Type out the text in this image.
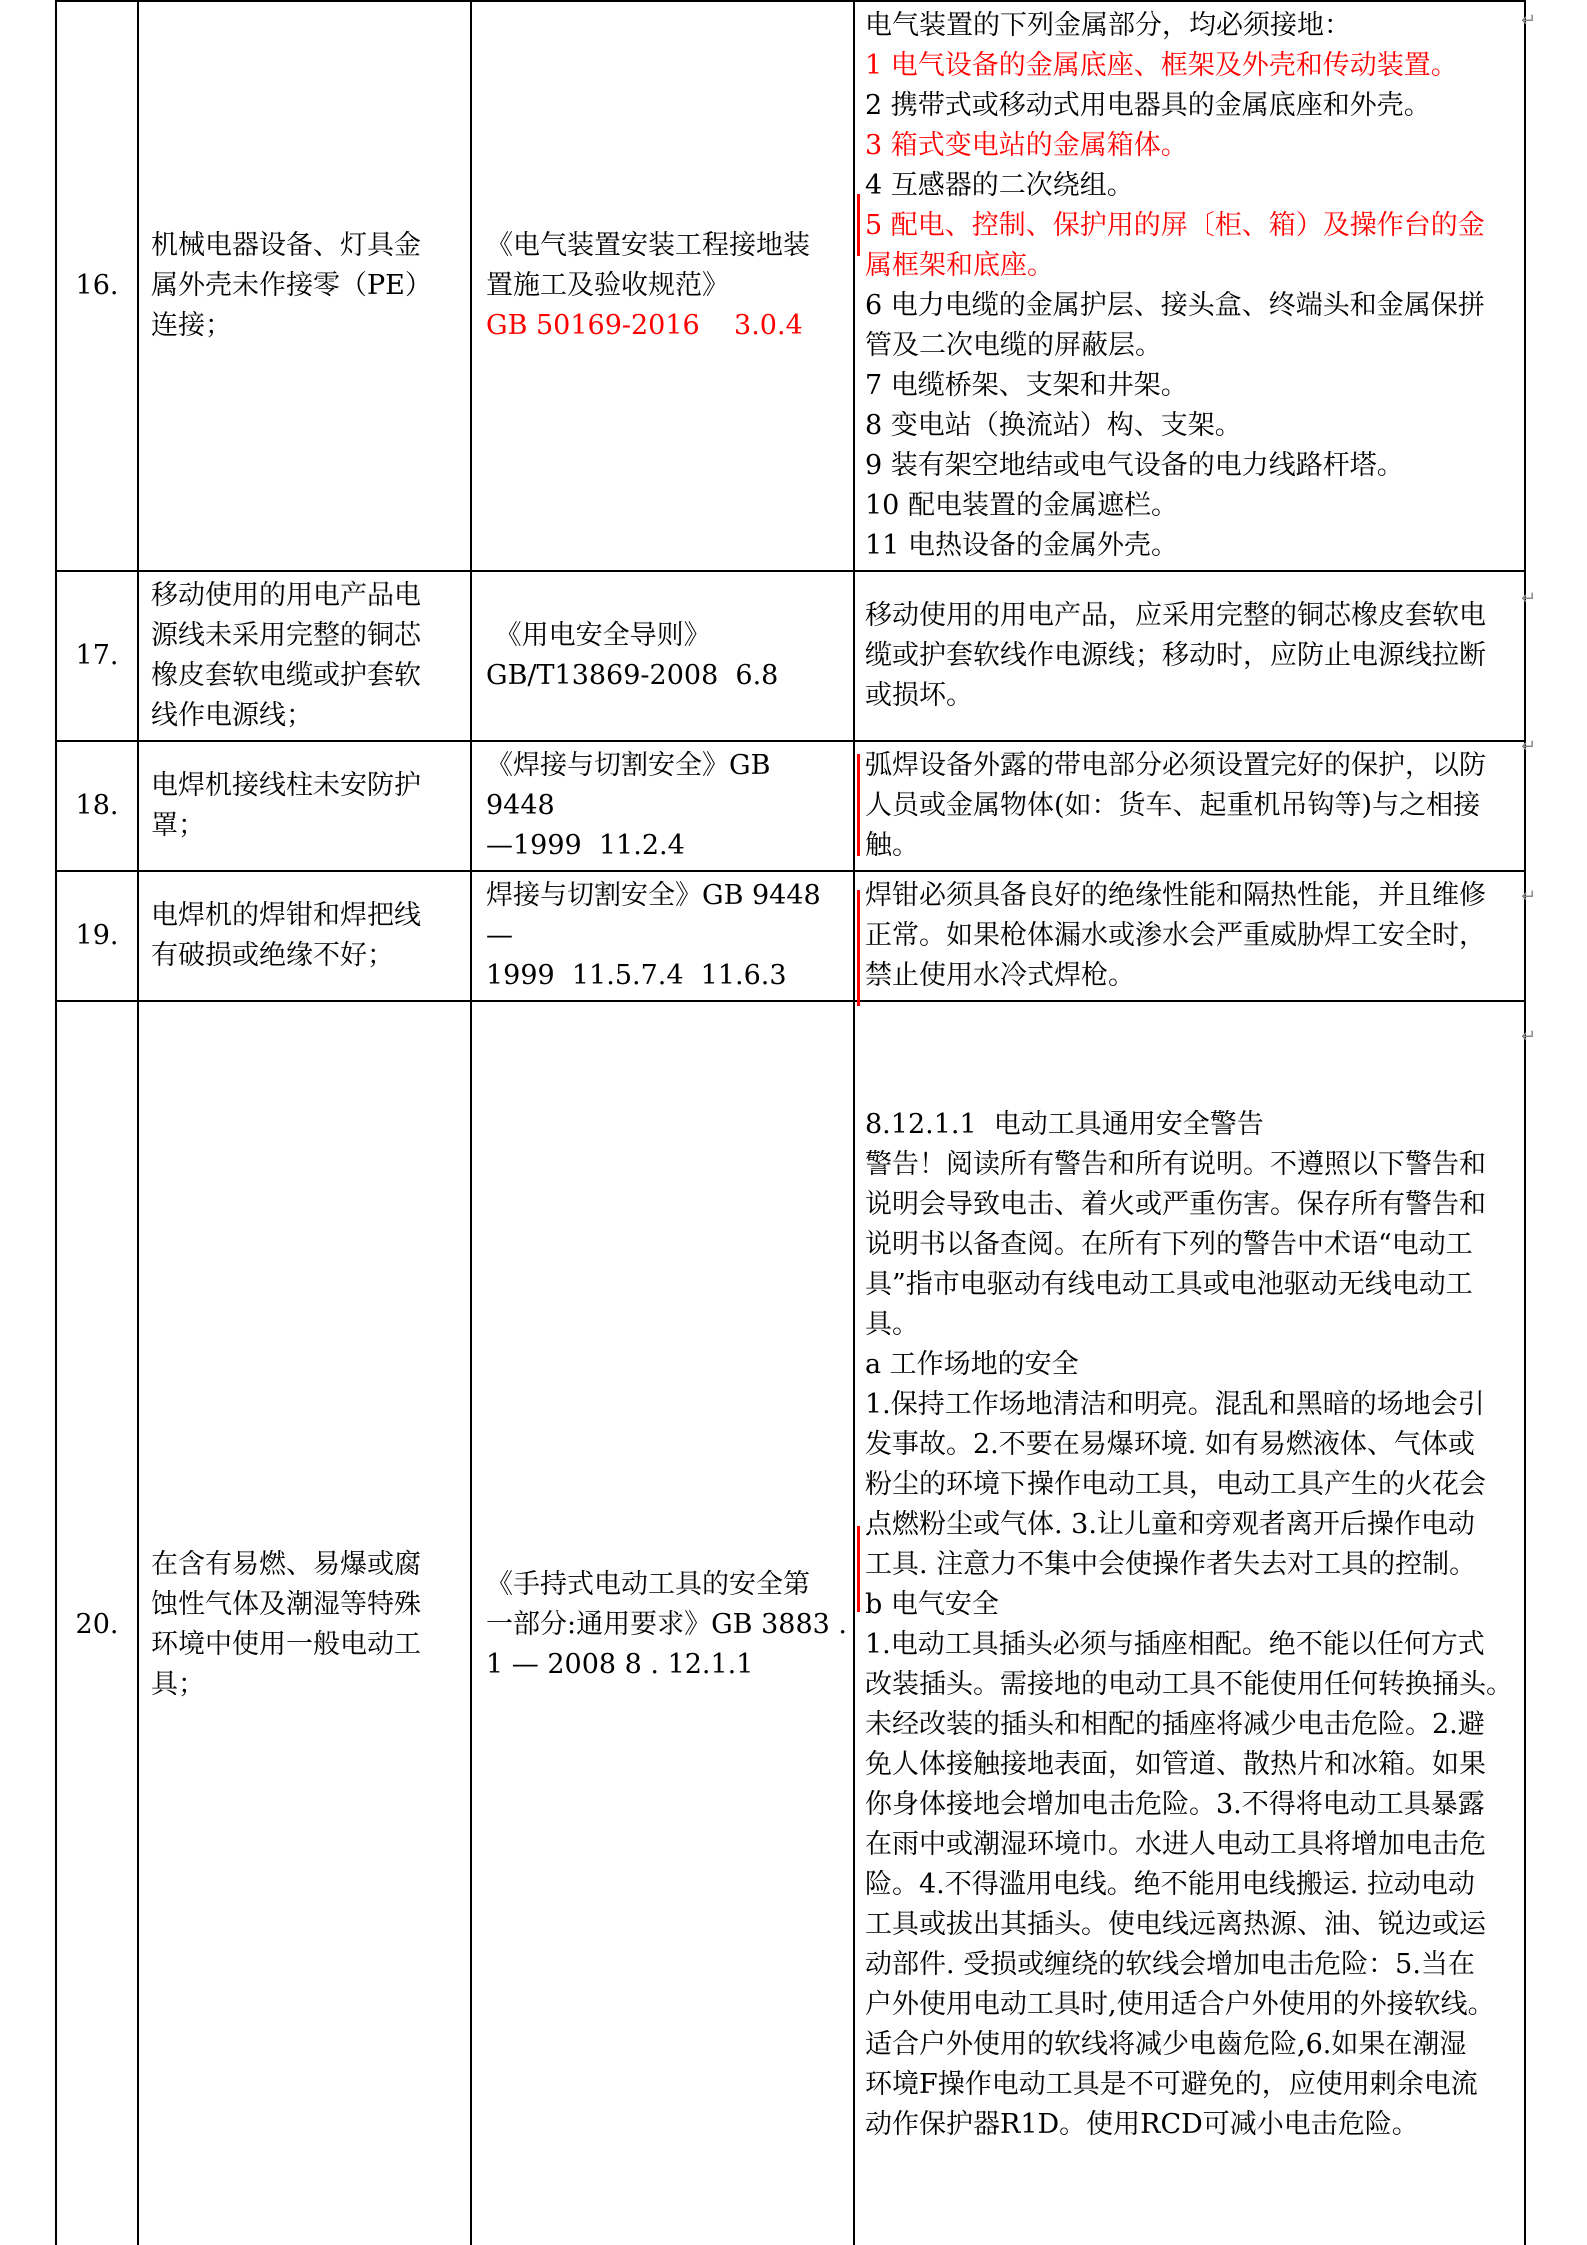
16.	机械电器设备、灯具金
属外壳未作接零（PE）
连接；	《电气装置安装工程接地装
置施工及验收规范》
GB 50169-2016    3.0.4	电气装置的下列金属部分，均必须接地：
1 电气设备的金属底座、框架及外壳和传动装置。
2 携带式或移动式用电器具的金属底座和外壳。
3 箱式变电站的金属箱体。
4 互感器的二次绕组。
5 配电、控制、保护用的屏〔柜、箱）及操作台的金
属框架和底座。
6 电力电缆的金属护层、接头盒、终端头和金属保拼
管及二次电缆的屏蔽层。
7 电缆桥架、支架和井架。
8 变电站（换流站）构、支架。
9 装有架空地结或电气设备的电力线路杆塔。
10 配电装置的金属遮栏。
11 电热设备的金属外壳。
17.	移动使用的用电产品电
源线未采用完整的铜芯
橡皮套软电缆或护套软
线作电源线；	《用电安全导则》
GB/T13869-2008  6.8	移动使用的用电产品，应采用完整的铜芯橡皮套软电
缆或护套软线作电源线；移动时，应防止电源线拉断
或损坏。
18.	电焊机接线柱未安防护
罩；	《焊接与切割安全》GB 9448
—1999  11.2.4	弧焊设备外露的带电部分必须设置完好的保护，以防
人员或金属物体(如：货车、起重机吊钩等)与之相接
触。
19.	电焊机的焊钳和焊把线
有破损或绝缘不好；	焊接与切割安全》GB 9448—
1999  11.5.7.4  11.6.3	焊钳必须具备良好的绝缘性能和隔热性能，并且维修
正常。如果枪体漏水或渗水会严重威胁焊工安全时，
禁止使用水冷式焊枪。
20.	在含有易燃、易爆或腐
蚀性气体及潮湿等特殊
环境中使用一般电动工
具；	《手持式电动工具的安全第
一部分:通用要求》GB 3883 .
1 — 2008 8 . 12.1.1	8.12.1.1  电动工具通用安全警告
警告！阅读所有警告和所有说明。不遵照以下警告和
说明会导致电击、着火或严重伤害。保存所有警告和
说明书以备查阅。在所有下列的警告中术语“电动工
具”指市电驱动有线电动工具或电池驱动无线电动工
具。
a 工作场地的安全
1.保持工作场地清洁和明亮。混乱和黑暗的场地会引
发事故。2.不要在易爆环境. 如有易燃液体、气体或
粉尘的环境下操作电动工具，电动工具产生的火花会
点燃粉尘或气体. 3.让儿童和旁观者离开后操作电动
工具. 注意力不集中会使操作者失去对工具的控制。
b 电气安全
1.电动工具插头必须与插座相配。绝不能以任何方式
改装插头。需接地的电动工具不能使用任何转换捅头。
未经改装的插头和相配的插座将减少电击危险。2.避
免人体接触接地表面，如管道、散热片和冰箱。如果
你身体接地会增加电击危险。3.不得将电动工具暴露
在雨中或潮湿环境巾。水进人电动工具将增加电击危
险。4.不得滥用电线。绝不能用电线搬运. 拉动电动
工具或拔出其插头。使电线远离热源、油、锐边或运
动部件. 受损或缠绕的软线会增加电击危险：5.当在
户外使用电动工具时,使用适合户外使用的外接软线。
适合户外使用的软线将减少电齒危险,6.如果在潮湿
环境F操作电动工具是不可避免的，应使用剌余电流
动作保护器R1D。使用RCD可减小电击危险。
↵
↵
↵
↵
↵
